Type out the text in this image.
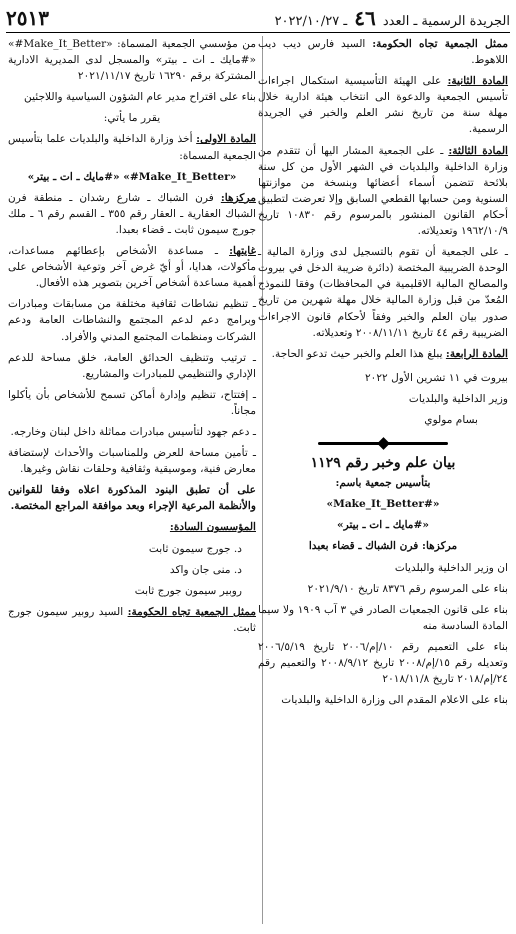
الجريدة الرسمية ـ العدد ٤٦ ـ ٢٠٢٢/١٠/٢٧
٢٥١٣

ممثل الجمعية تجاه الحكومة: السيد فارس ديب ديب اللاهوط.

المادة الثانية: على الهيئة التأسيسية استكمال اجراءات تأسيس الجمعية والدعوة الى انتخاب هيئة ادارية خلال مهلة سنة من تاريخ نشر العلم والخبر في الجريدة الرسمية.

المادة الثالثة: ـ على الجمعية المشار اليها أن تتقدم من وزارة الداخلية والبلديات في الشهر الأول من كل سنة بلائحة تتضمن أسماء أعضائها وبنسخة من موازنتها السنوية ومن حسابها القطعي السابق وإلا تعرضت لتطبيق أحكام القانون المنشور بالمرسوم رقم ١٠٨٣٠ تاريخ ١٩٦٢/١٠/٩ وتعديلاته.

ـ على الجمعية أن تقوم بالتسجيل لدى وزارة المالية ـ الوحدة الضريبية المختصة (دائرة ضريبة الدخل في بيروت والمصالح المالية الاقليمية في المحافظات) وفقا للنموذج المُعدّ من قبل وزارة المالية خلال مهلة شهرين من تاريخ صدور بيان العلم والخبر وفقاً لأحكام قانون الاجراءات الضريبية رقم ٤٤ تاريخ ٢٠٠٨/١١/١١ وتعديلاته.

المادة الرابعة: يبلغ هذا العلم والخبر حيث تدعو الحاجة.

بيروت في ١١ تشرين الأول ٢٠٢٢

وزير الداخلية والبلديات

بسام مولوي

بيان علم وخبر رقم ١١٢٩

بتأسيس جمعية باسم:

«Make_It_Better#»

«#مايك ـ ات ـ بيتر»

مركزها: فرن الشباك ـ قضاء بعبدا

ان وزير الداخلية والبلديات

بناء على المرسوم رقم ٨٣٧٦ تاريخ ٢٠٢١/٩/١٠

بناء على قانون الجمعيات الصادر في ٣ آب ١٩٠٩ ولا سيما المادة السادسة منه

بناء على التعميم رقم ١٠/إم/٢٠٠٦ تاريخ ٢٠٠٦/٥/١٩ وتعديله رقم ١٥/إم/٢٠٠٨ تاريخ ٢٠٠٨/٩/١٢ والتعميم رقم ٢٤/إم/٢٠١٨ تاريخ ٢٠١٨/١١/٨

بناء على الاعلام المقدم الى وزارة الداخلية والبلديات

من مؤسسي الجمعية المسماة: «Make_It_Better#» «#مايك ـ ات ـ بيتر» والمسجل لدى المديرية الادارية المشتركة برقم ١٦٢٩٠ تاريخ ٢٠٢١/١١/١٧

بناء على اقتراح مدير عام الشؤون السياسية واللاجئين

يقرر ما يأتي:

المادة الاولى: أخذ وزارة الداخلية والبلديات علما بتأسيس الجمعية المسماة:

«Make_It_Better#» «#مايك ـ ات ـ بيتر»

مركزها: فرن الشباك ـ شارع رشدان ـ منطقة فرن الشباك العقارية ـ العقار رقم ٣٥٥ ـ القسم رقم ٦ ـ ملك جورج سيمون ثابت ـ قضاء بعبدا.

غايتها: ـ مساعدة الأشخاص بإعطائهم مساعدات، مأكولات، هدايا، أو أيّ غرض آخر وتوعية الأشخاص على أهمية مساعدة أشخاص آخرين بتصوير هذه الأفعال.

ـ تنظيم نشاطات ثقافية مختلفة من مسابقات ومبادرات وبرامج دعم لدعم المجتمع والنشاطات العامة ودعم الشركات ومنظمات المجتمع المدني والأفراد.

ـ ترتيب وتنظيف الحدائق العامة، خلق مساحة للدعم الإداري والتنظيمي للمبادرات والمشاريع.

ـ إفتتاح، تنظيم وإدارة أماكن تسمح للأشخاص بأن يأكلوا مجاناً.

ـ دعم جهود لتأسيس مبادرات مماثلة داخل لبنان وخارجه.

ـ تأمين مساحة للعرض وللمناسبات والأحداث لإستضافة معارض فنية، وموسيقية وثقافية وحلقات نقاش وغيرها.

على أن تطبق البنود المذكورة اعلاه وفقا للقوانين والأنظمة المرعية الإجراء وبعد موافقة المراجع المختصة.

المؤسسون السادة:

د. جورج سيمون ثابت

د. منى جان واكد

روبير سيمون جورج ثابت

ممثل الجمعية تجاه الحكومة: السيد روبير سيمون جورج ثابت.
